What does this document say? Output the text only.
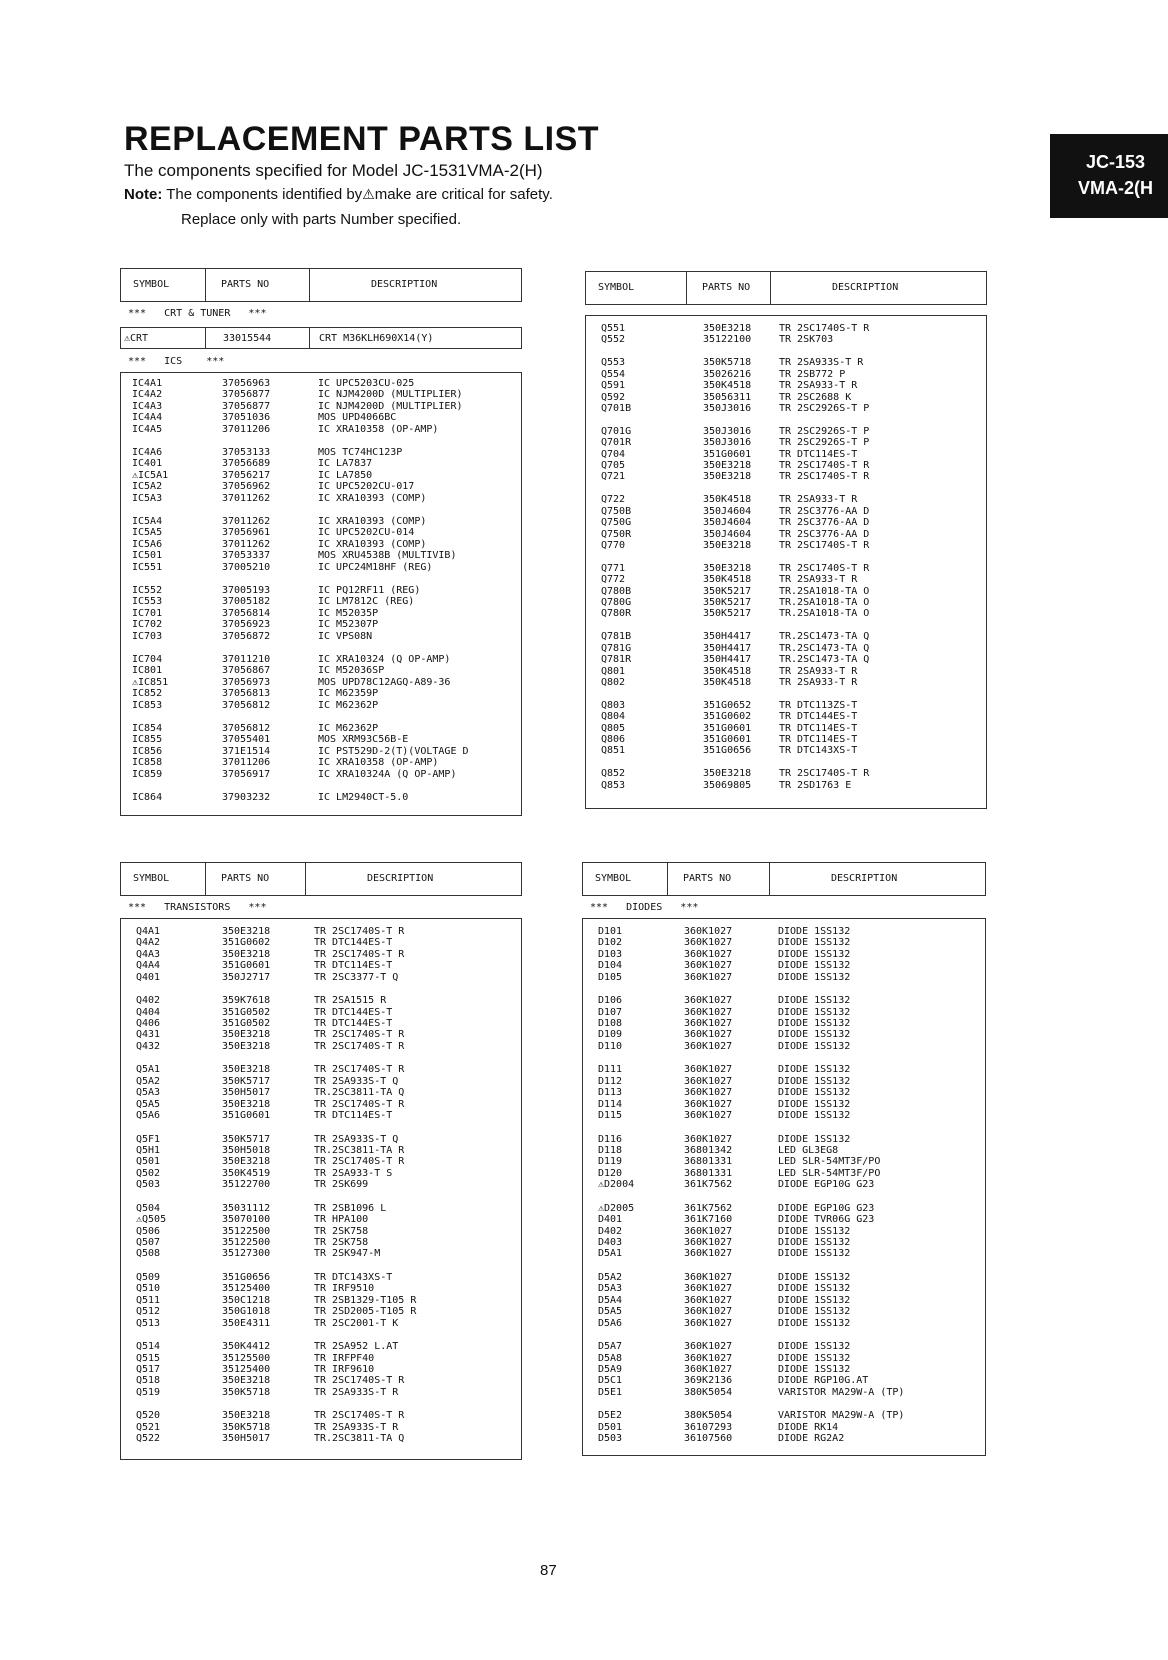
REPLACEMENT PARTS LIST
The components specified for Model JC-1531VMA-2(H)
Note: The components identified by⚠make are critical for safety.
Replace only with parts Number specified.
JC-153
VMA-2(H
SYMBOL	PARTS NO	DESCRIPTION
***   CRT & TUNER   ***
⚠CRT	33015544	CRT M36KLH690X14(Y)
***   ICS    ***
IC4A1	37056963	IC UPC5203CU-025
IC4A2	37056877	IC NJM4200D (MULTIPLIER)
IC4A3	37056877	IC NJM4200D (MULTIPLIER)
IC4A4	37051036	MOS UPD4066BC
IC4A5	37011206	IC XRA10358 (OP-AMP)
IC4A6	37053133	MOS TC74HC123P
IC401	37056689	IC LA7837
⚠IC5A1	37056217	IC LA7850
IC5A2	37056962	IC UPC5202CU-017
IC5A3	37011262	IC XRA10393 (COMP)
IC5A4	37011262	IC XRA10393 (COMP)
IC5A5	37056961	IC UPC5202CU-014
IC5A6	37011262	IC XRA10393 (COMP)
IC501	37053337	MOS XRU4538B (MULTIVIB)
IC551	37005210	IC UPC24M18HF (REG)
IC552	37005193	IC PQ12RF11 (REG)
IC553	37005182	IC LM7812C (REG)
IC701	37056814	IC M52035P
IC702	37056923	IC M52307P
IC703	37056872	IC VPS08N
IC704	37011210	IC XRA10324 (Q OP-AMP)
IC801	37056867	IC M52036SP
⚠IC851	37056973	MOS UPD78C12AGQ-A89-36
IC852	37056813	IC M62359P
IC853	37056812	IC M62362P
IC854	37056812	IC M62362P
IC855	37055401	MOS XRM93C56B-E
IC856	371E1514	IC PST529D-2(T)(VOLTAGE D
IC858	37011206	IC XRA10358 (OP-AMP)
IC859	37056917	IC XRA10324A (Q OP-AMP)
IC864	37903232	IC LM2940CT-5.0
SYMBOL	PARTS NO	DESCRIPTION
Q551	350E3218	TR 2SC1740S-T R
Q552	35122100	TR 2SK703
Q553	350K5718	TR 2SA933S-T R
Q554	35026216	TR 2SB772 P
Q591	350K4518	TR 2SA933-T R
Q592	35056311	TR 2SC2688 K
Q701B	350J3016	TR 2SC2926S-T P
Q701G	350J3016	TR 2SC2926S-T P
Q701R	350J3016	TR 2SC2926S-T P
Q704	351G0601	TR DTC114ES-T
Q705	350E3218	TR 2SC1740S-T R
Q721	350E3218	TR 2SC1740S-T R
Q722	350K4518	TR 2SA933-T R
Q750B	350J4604	TR 2SC3776-AA D
Q750G	350J4604	TR 2SC3776-AA D
Q750R	350J4604	TR 2SC3776-AA D
Q770	350E3218	TR 2SC1740S-T R
Q771	350E3218	TR 2SC1740S-T R
Q772	350K4518	TR 2SA933-T R
Q780B	350K5217	TR.2SA1018-TA O
Q780G	350K5217	TR.2SA1018-TA O
Q780R	350K5217	TR.2SA1018-TA O
Q781B	350H4417	TR.2SC1473-TA Q
Q781G	350H4417	TR.2SC1473-TA Q
Q781R	350H4417	TR.2SC1473-TA Q
Q801	350K4518	TR 2SA933-T R
Q802	350K4518	TR 2SA933-T R
Q803	351G0652	TR DTC113ZS-T
Q804	351G0602	TR DTC144ES-T
Q805	351G0601	TR DTC114ES-T
Q806	351G0601	TR DTC114ES-T
Q851	351G0656	TR DTC143XS-T
Q852	350E3218	TR 2SC1740S-T R
Q853	35069805	TR 2SD1763 E
SYMBOL	PARTS NO	DESCRIPTION
***   TRANSISTORS   ***
Q4A1	350E3218	TR 2SC1740S-T R
Q4A2	351G0602	TR DTC144ES-T
Q4A3	350E3218	TR 2SC1740S-T R
Q4A4	351G0601	TR DTC114ES-T
Q401	350J2717	TR 2SC3377-T Q
Q402	359K7618	TR 2SA1515 R
Q404	351G0502	TR DTC144ES-T
Q406	351G0502	TR DTC144ES-T
Q431	350E3218	TR 2SC1740S-T R
Q432	350E3218	TR 2SC1740S-T R
Q5A1	350E3218	TR 2SC1740S-T R
Q5A2	350K5717	TR 2SA933S-T Q
Q5A3	350H5017	TR.2SC3811-TA Q
Q5A5	350E3218	TR 2SC1740S-T R
Q5A6	351G0601	TR DTC114ES-T
Q5F1	350K5717	TR 2SA933S-T Q
Q5H1	350H5018	TR.2SC3811-TA R
Q501	350E3218	TR 2SC1740S-T R
Q502	350K4519	TR 2SA933-T S
Q503	35122700	TR 2SK699
Q504	35031112	TR 2SB1096 L
⚠Q505	35070100	TR HPA100
Q506	35122500	TR 2SK758
Q507	35122500	TR 2SK758
Q508	35127300	TR 2SK947-M
Q509	351G0656	TR DTC143XS-T
Q510	35125400	TR IRF9510
Q511	350C1218	TR 2SB1329-T105 R
Q512	350G1018	TR 2SD2005-T105 R
Q513	350E4311	TR 2SC2001-T K
Q514	350K4412	TR 2SA952 L.AT
Q515	35125500	TR IRFPF40
Q517	35125400	TR IRF9610
Q518	350E3218	TR 2SC1740S-T R
Q519	350K5718	TR 2SA933S-T R
Q520	350E3218	TR 2SC1740S-T R
Q521	350K5718	TR 2SA933S-T R
Q522	350H5017	TR.2SC3811-TA Q
SYMBOL	PARTS NO	DESCRIPTION
***   DIODES   ***
D101	360K1027	DIODE 1SS132
D102	360K1027	DIODE 1SS132
D103	360K1027	DIODE 1SS132
D104	360K1027	DIODE 1SS132
D105	360K1027	DIODE 1SS132
D106	360K1027	DIODE 1SS132
D107	360K1027	DIODE 1SS132
D108	360K1027	DIODE 1SS132
D109	360K1027	DIODE 1SS132
D110	360K1027	DIODE 1SS132
D111	360K1027	DIODE 1SS132
D112	360K1027	DIODE 1SS132
D113	360K1027	DIODE 1SS132
D114	360K1027	DIODE 1SS132
D115	360K1027	DIODE 1SS132
D116	360K1027	DIODE 1SS132
D118	36801342	LED GL3EG8
D119	36801331	LED SLR-54MT3F/PO
D120	36801331	LED SLR-54MT3F/PO
⚠D2004	361K7562	DIODE EGP10G G23
⚠D2005	361K7562	DIODE EGP10G G23
D401	361K7160	DIODE TVR06G G23
D402	360K1027	DIODE 1SS132
D403	360K1027	DIODE 1SS132
D5A1	360K1027	DIODE 1SS132
D5A2	360K1027	DIODE 1SS132
D5A3	360K1027	DIODE 1SS132
D5A4	360K1027	DIODE 1SS132
D5A5	360K1027	DIODE 1SS132
D5A6	360K1027	DIODE 1SS132
D5A7	360K1027	DIODE 1SS132
D5A8	360K1027	DIODE 1SS132
D5A9	360K1027	DIODE 1SS132
D5C1	369K2136	DIODE RGP10G.AT
D5E1	380K5054	VARISTOR MA29W-A (TP)
D5E2	380K5054	VARISTOR MA29W-A (TP)
D501	36107293	DIODE RK14
D503	36107560	DIODE RG2A2
87
